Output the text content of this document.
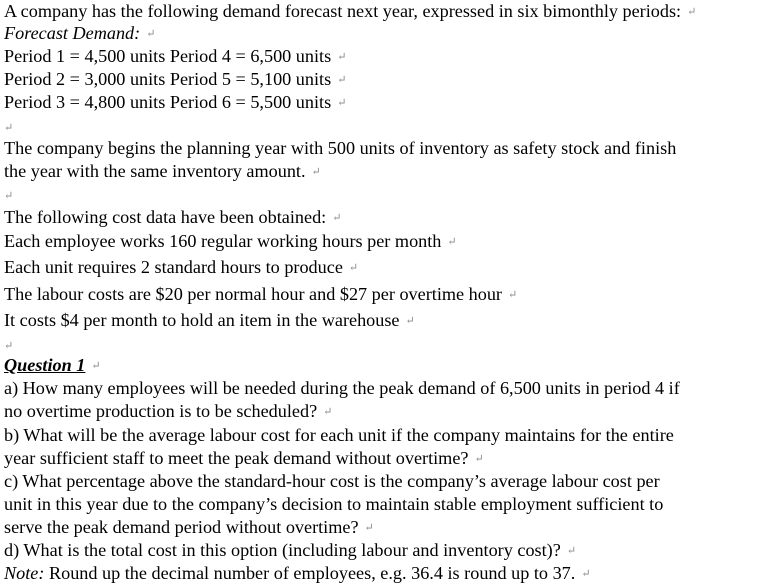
A company has the following demand forecast next year, expressed in six bimonthly periods: ↵
Forecast Demand: ↵
Period 1 = 4,500 units Period 4 = 6,500 units ↵
Period 2 = 3,000 units Period 5 = 5,100 units ↵
Period 3 = 4,800 units Period 6 = 5,500 units ↵
↵
The company begins the planning year with 500 units of inventory as safety stock and finish
the year with the same inventory amount. ↵
↵
The following cost data have been obtained: ↵
Each employee works 160 regular working hours per month ↵
Each unit requires 2 standard hours to produce ↵
The labour costs are $20 per normal hour and $27 per overtime hour ↵
It costs $4 per month to hold an item in the warehouse ↵
↵
Question 1 ↵
a) How many employees will be needed during the peak demand of 6,500 units in period 4 if
no overtime production is to be scheduled? ↵
b) What will be the average labour cost for each unit if the company maintains for the entire
year sufficient staff to meet the peak demand without overtime? ↵
c) What percentage above the standard-hour cost is the company’s average labour cost per
unit in this year due to the company’s decision to maintain stable employment sufficient to
serve the peak demand period without overtime? ↵
d) What is the total cost in this option (including labour and inventory cost)? ↵
Note: Round up the decimal number of employees, e.g. 36.4 is round up to 37. ↵
